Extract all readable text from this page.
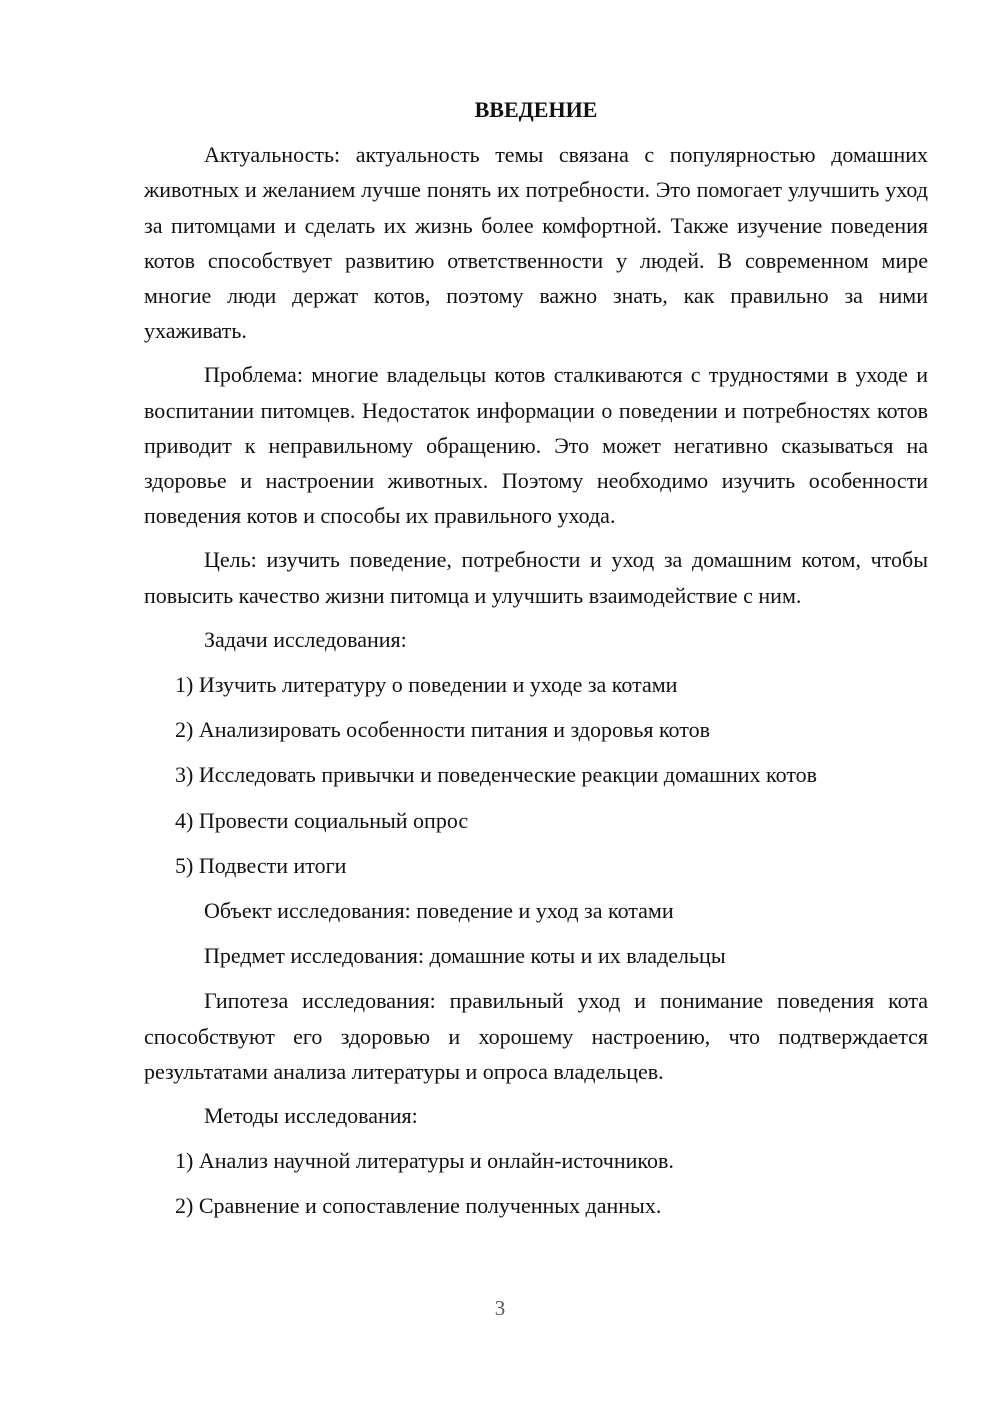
ВВЕДЕНИЕ

Актуальность: актуальность темы связана с популярностью домашних животных и желанием лучше понять их потребности. Это помогает улучшить уход за питомцами и сделать их жизнь более комфортной. Также изучение поведения котов способствует развитию ответственности у людей. В современном мире многие люди держат котов, поэтому важно знать, как правильно за ними ухаживать.

Проблема: многие владельцы котов сталкиваются с трудностями в уходе и воспитании питомцев. Недостаток информации о поведении и потребностях котов приводит к неправильному обращению. Это может негативно сказываться на здоровье и настроении животных. Поэтому необходимо изучить особенности поведения котов и способы их правильного ухода.

Цель: изучить поведение, потребности и уход за домашним котом, чтобы повысить качество жизни питомца и улучшить взаимодействие с ним.

Задачи исследования:

1) Изучить литературу о поведении и уходе за котами
2) Анализировать особенности питания и здоровья котов
3) Исследовать привычки и поведенческие реакции домашних котов
4) Провести социальный опрос
5) Подвести итоги

Объект исследования: поведение и уход за котами

Предмет исследования: домашние коты и их владельцы

Гипотеза исследования: правильный уход и понимание поведения кота способствуют его здоровью и хорошему настроению, что подтверждается результатами анализа литературы и опроса владельцев.

Методы исследования:

1) Анализ научной литературы и онлайн-источников.
2) Сравнение и сопоставление полученных данных.
3
